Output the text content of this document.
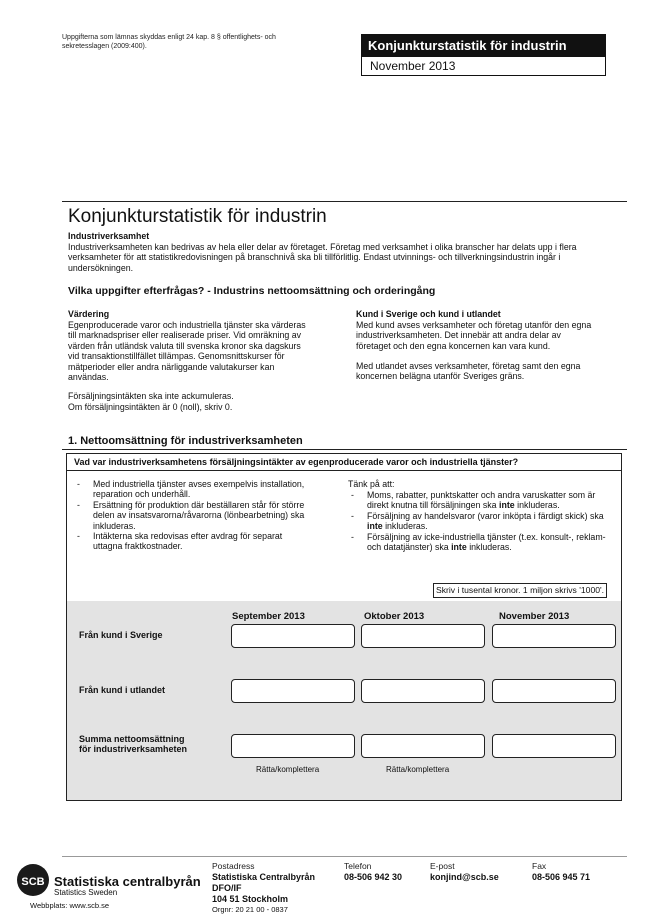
Uppgifterna som lämnas skyddas enligt 24 kap. 8 § offentlighets- och sekretesslagen (2009:400).	Konjunkturstatistik för industrin
November 2013
Konjunkturstatistik för industrin
Industriverksamhet
Industriverksamheten kan bedrivas av hela eller delar av företaget. Företag med verksamhet i olika branscher har delats upp i flera verksamheter för att statistikredovisningen på branschnivå ska bli tillförlitlig. Endast utvinnings- och tillverkningsindustrin ingår i undersökningen.
Vilka uppgifter efterfrågas? - Industrins nettoomsättning och orderingång
Värdering
Egenproducerade varor och industriella tjänster ska värderas till marknadspriser eller realiserade priser. Vid omräkning av värden från utländsk valuta till svenska kronor ska dagskurs vid transaktionstillfället tillämpas. Genomsnittskurser för mätperioder eller andra närliggande valutakurser kan användas.
Försäljningsintäkten ska inte ackumuleras.
Om försäljningsintäkten är 0 (noll), skriv 0.
Kund i Sverige och kund i utlandet
Med kund avses verksamheter och företag utanför den egna industriverksamheten. Det innebär att andra delar av företaget och den egna koncernen kan vara kund.
Med utlandet avses verksamheter, företag samt den egna koncernen belägna utanför Sveriges gräns.
1. Nettoomsättning för industriverksamheten
Vad var industriverksamhetens försäljningsintäkter av egenproducerade varor och industriella tjänster?
- Med industriella tjänster avses exempelvis installation, reparation och underhåll.
- Ersättning för produktion där beställaren står för större delen av insatsvarorna/råvarorna (lönbearbetning) ska inkluderas.
- Intäkterna ska redovisas efter avdrag för separat uttagna fraktkostnader.
Tänk på att:
- Moms, rabatter, punktskatter och andra varuskatter som är direkt knutna till försäljningen ska inte inkluderas.
- Försäljning av handelsvaror (varor inköpta i färdigt skick) ska inte inkluderas.
- Försäljning av icke-industriella tjänster (t.ex. konsult-, reklam- och datatjänster) ska inte inkluderas.
Skriv i tusental kronor. 1 miljon skrivs '1000'.
September 2013	Oktober 2013	November 2013
Från kund i Sverige
Från kund i utlandet
Summa nettoomsättning
för industriverksamheten
Rätta/komplettera	Rätta/komplettera
SCB Statistiska centralbyrån
Statistics Sweden
Webbplats: www.scb.se
Postadress
Statistiska Centralbyrån
DFO/IF
104 51 Stockholm
Orgnr: 20 21 00 - 0837
Telefon
08-506 942 30
E-post
konjind@scb.se
Fax
08-506 945 71
